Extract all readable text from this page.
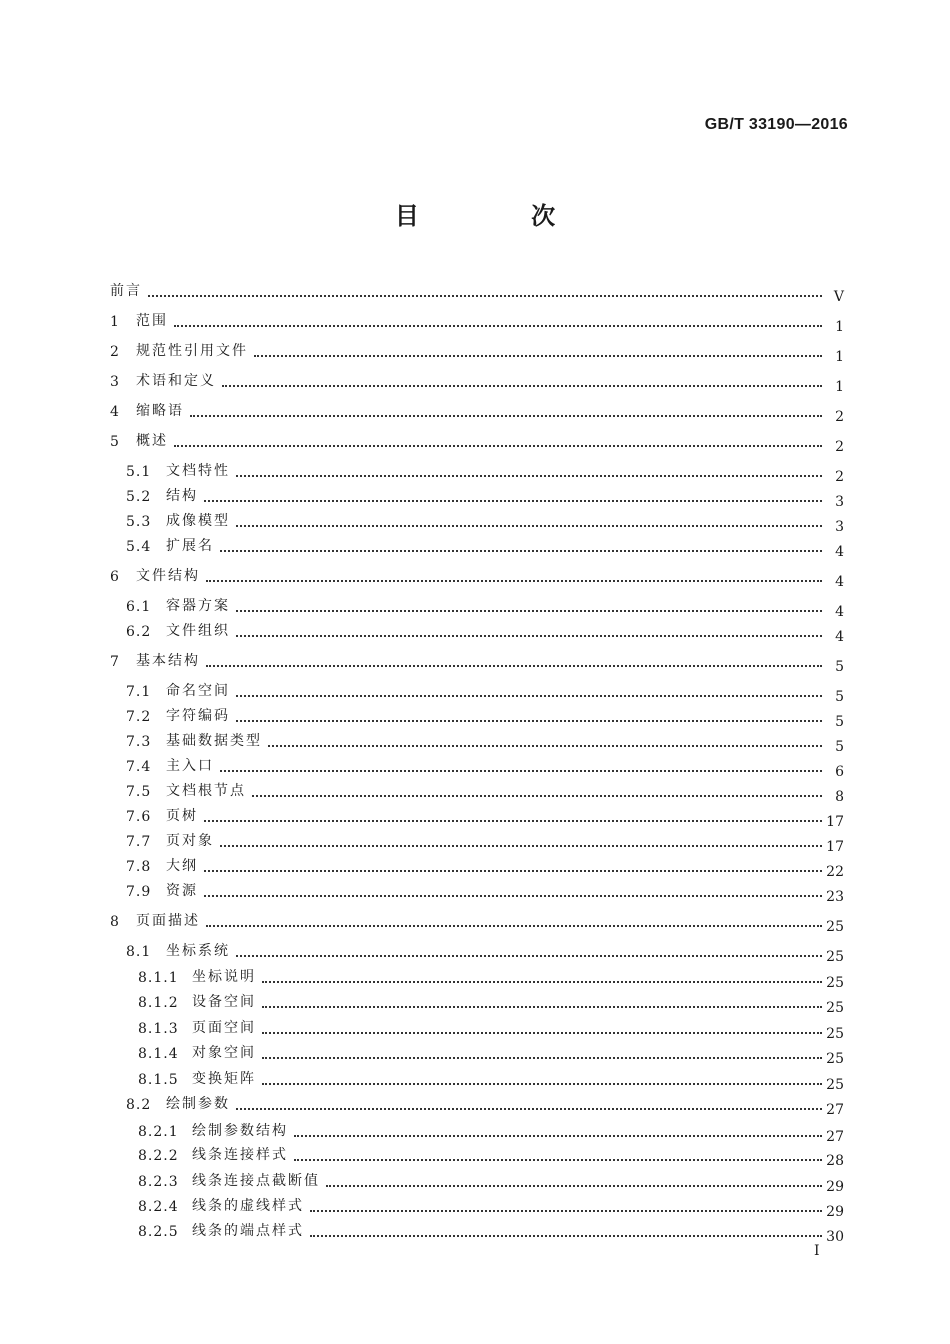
GB/T 33190—2016
目 次
前言	V
1	范围	1
2	规范性引用文件	1
3	术语和定义	1
4	缩略语	2
5	概述	2
5.1	文档特性	2
5.2	结构	3
5.3	成像模型	3
5.4	扩展名	4
6	文件结构	4
6.1	容器方案	4
6.2	文件组织	4
7	基本结构	5
7.1	命名空间	5
7.2	字符编码	5
7.3	基础数据类型	5
7.4	主入口	6
7.5	文档根节点	8
7.6	页树	17
7.7	页对象	17
7.8	大纲	22
7.9	资源	23
8	页面描述	25
8.1	坐标系统	25
8.1.1 坐标说明	25
8.1.2 设备空间	25
8.1.3 页面空间	25
8.1.4 对象空间	25
8.1.5 变换矩阵	25
8.2	绘制参数	27
8.2.1 绘制参数结构	27
8.2.2 线条连接样式	28
8.2.3 线条连接点截断值	29
8.2.4 线条的虚线样式	29
8.2.5 线条的端点样式	30
I
